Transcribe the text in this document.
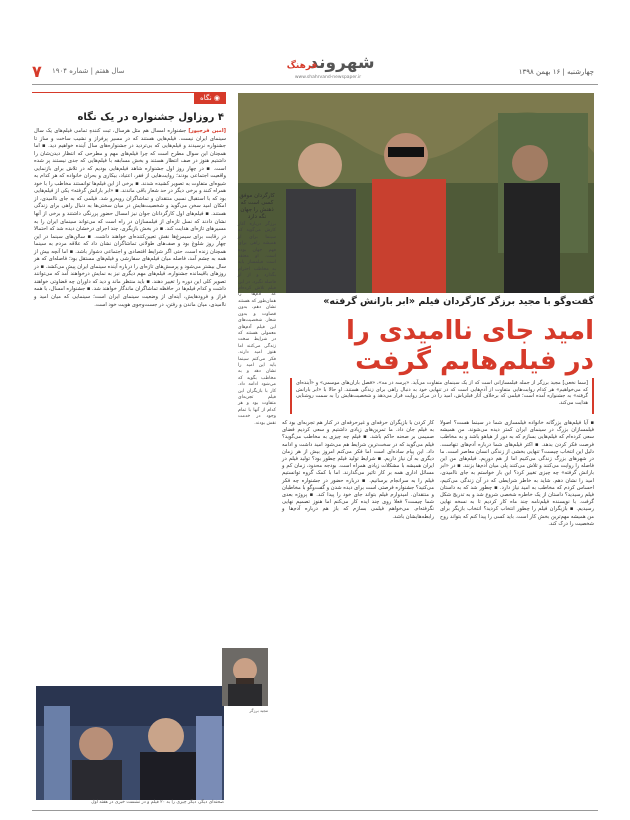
۷ سال هفتم | شماره ۱۹۰۴	شهروند
فرهنگ
www.shahrvand-newspaper.ir
چهارشنبه | ۱۶ بهمن ۱۳۹۸
◉ نگاه
۴ روزاول جشنواره در یک نگاه
[امین فرجپور] جشنواره امسال هم مثل هرسال، ثبت کنندهِ تمامی فیلم‌های یک سال سینمای ایران نیست. فیلم‌هایی هستند که در مسیر پرفراز و نشیب ساخت و ساز تا جشنواره نرسیدند و فیلم‌هایی که بی‌تردید در جشنواره‌های سال آینده خواهیم دید. ▪ اما همچنان این سوال مطرح است که چرا فیلم‌های مهم و مطرحی که انتظار دیدن‌شان را داشتیم هنوز در صف انتظار هستند و بخش مسابقه با فیلم‌هایی که جدی نیستند پر شده است. ▪ در چهار روز اول جشنواره شاهد فیلم‌هایی بودیم که در تلاش برای بازنمایی واقعیت اجتماعی بودند؛ روایت‌هایی از فقر، اعتیاد، بیکاری و بحران خانواده که هر کدام به شیوه‌ای متفاوت به تصویر کشیده شدند. ▪ برخی از این فیلم‌ها توانستند مخاطب را با خود همراه کنند و برخی دیگر در حد شعار باقی ماندند. ▪ «ابر بارانش گرفته» یکی از فیلم‌هایی بود که با استقبال نسبی منتقدان و تماشاگران روبه‌رو شد. فیلمی که به جای ناامیدی، از امکان امید سخن می‌گوید و شخصیت‌هایش در میان سختی‌ها به دنبال راهی برای زندگی هستند. ▪ فیلم‌های اول کارگردانان جوان نیز امسال حضور پررنگی داشتند و برخی از آنها نشان دادند که نسل تازه‌ای از فیلمسازان در راه است که می‌تواند سینمای ایران را به مسیرهای تازه‌ای هدایت کند. ▪ در بخش بازیگری، چند اجرای درخشان دیده شد که احتمالا در رقابت برای سیمرغ‌ها نقش تعیین‌کننده‌ای خواهند داشت. ▪ سالن‌های سینما در این چهار روز شلوغ بود و صف‌های طولانی تماشاگران نشان داد که علاقه مردم به سینما همچنان زنده است، حتی اگر شرایط اقتصادی و اجتماعی دشوار باشد. ▪ اما آنچه بیش از همه به چشم آمد، فاصله میان فیلم‌های سفارشی و فیلم‌های مستقل بود؛ فاصله‌ای که هر سال بیشتر می‌شود و پرسش‌های تازه‌ای را درباره آینده سینمای ایران پیش می‌کشد. ▪ در روزهای باقیمانده جشنواره، فیلم‌های مهم دیگری نیز به نمایش درخواهند آمد که می‌توانند تصویر کلی این دوره را تغییر دهند. ▪ باید منتظر ماند و دید که داوران چه قضاوتی خواهند داشت و کدام فیلم‌ها در حافظه تماشاگران ماندگار خواهند شد. ▪ جشنواره امسال، با همه فراز و فرودهایش، آینه‌ای از وضعیت سینمای ایران است؛ سینمایی که میان امید و ناامیدی، میان ماندن و رفتن، در جست‌وجوی هویت خود است.
صحنه‌ای دیگر، دیگر چیزی را به ۲۰ فیلم و در نشست خبری در هفته اول
کارگردان موفق کسی است که ذهنش را جهان نگه دارد
برزگر درباره آغاز کارش می‌گوید که سینما برای او همیشه راهی برای فهم جهان بوده است. او معتقد است فیلمساز باید به مخاطب احترام بگذارد و از او فاصله نگیرد. در این فیلم تلاش کرده‌ام که آدم‌ها را همان‌طور که هستند نشان دهم، بدون قضاوت و بدون شعار. شخصیت‌های این فیلم آدم‌های معمولی هستند که در شرایط سخت زندگی می‌کنند اما هنوز امید دارند. فکر می‌کنم سینما باید این امید را نشان دهد و به مخاطب بگوید که می‌شود ادامه داد. کار با بازیگران این فیلم تجربه‌ای متفاوت بود و هر کدام از آنها با تمام وجود در خدمت نقش بودند.
گفت‌وگو با مجید برزگر کارگردان فیلم «ابر بارانش گرفته»
امید جای ناامیدی را
در فیلم‌هایم گرفت
[سما نخعی] مجید برزگر از جمله فیلمسازانی است که از یک سینمای متفاوت می‌آید. «پرسه در مه»، «فصل باران‌های موسمی» و «آینده‌ای که می‌خواهیم» هر کدام روایت‌هایی متفاوت از آدم‌هایی است که در تنهایی خود به دنبال راهی برای زندگی هستند. او حالا با «ابر بارانش گرفته» به جشنواره آمده است؛ فیلمی که برخلاف آثار قبلی‌اش، امید را در مرکز روایت قرار می‌دهد و شخصیت‌هایش را به سمت روشنایی هدایت می‌کند.
▪ آیا فیلم‌های بزرگانه خانواده فیلمسازی شما در سینما هست؟ اصولا فیلمسازان بزرگ در سینمای ایران کمتر دیده می‌شوند. من همیشه سعی کرده‌ام که فیلم‌هایی بسازم که به دور از هیاهو باشد و به مخاطب فرصت فکر کردن بدهد. ▪ اکثر فیلم‌های شما درباره آدم‌های تنهاست. دلیل این انتخاب چیست؟ تنهایی بخشی از زندگی انسان معاصر است. ما در شهرهای بزرگ زندگی می‌کنیم اما از هم دوریم. فیلم‌های من این فاصله را روایت می‌کنند و تلاش می‌کنند پلی میان آدم‌ها بزنند. ▪ در «ابر بارانش گرفته» چه چیزی تغییر کرد؟ این بار خواستم به جای ناامیدی، امید را نشان دهم. شاید به خاطر شرایطی که در آن زندگی می‌کنیم، احساس کردم که مخاطب به امید نیاز دارد. ▪ چطور شد که به داستان فیلم رسیدید؟ داستان از یک خاطره شخصی شروع شد و به تدریج شکل گرفت. با نویسنده فیلم‌نامه چند ماه کار کردیم تا به نسخه نهایی رسیدیم. ▪ بازیگران فیلم را چطور انتخاب کردید؟ انتخاب بازیگر برای من همیشه مهم‌ترین بخش کار است. باید کسی را پیدا کنم که بتواند روح شخصیت را درک کند.
کار کردن با بازیگران حرفه‌ای و غیرحرفه‌ای در کنار هم تجربه‌ای بود که به فیلم جان داد. ما تمرین‌های زیادی داشتیم و سعی کردیم فضای صمیمی بر صحنه حاکم باشد. ▪ فیلم چه چیزی به مخاطب می‌گوید؟ فیلم می‌گوید که در سخت‌ترین شرایط هم می‌شود امید داشت و ادامه داد. این پیام ساده‌ای است اما فکر می‌کنم امروز بیش از هر زمان دیگری به آن نیاز داریم. ▪ شرایط تولید فیلم چطور بود؟ تولید فیلم در ایران همیشه با مشکلات زیادی همراه است. بودجه محدود، زمان کم و مسائل اداری همه بر کار تاثیر می‌گذارند. اما با کمک گروه توانستیم فیلم را به سرانجام برسانیم. ▪ درباره حضور در جشنواره چه فکر می‌کنید؟ جشنواره فرصتی است برای دیده شدن و گفت‌وگو با مخاطبان و منتقدان. امیدوارم فیلم بتواند جای خود را پیدا کند. ▪ پروژه بعدی شما چیست؟ فعلا روی چند ایده کار می‌کنم اما هنوز تصمیم نهایی نگرفته‌ام. می‌خواهم فیلمی بسازم که باز هم درباره آدم‌ها و رابطه‌هایشان باشد.
مجید برزگر
